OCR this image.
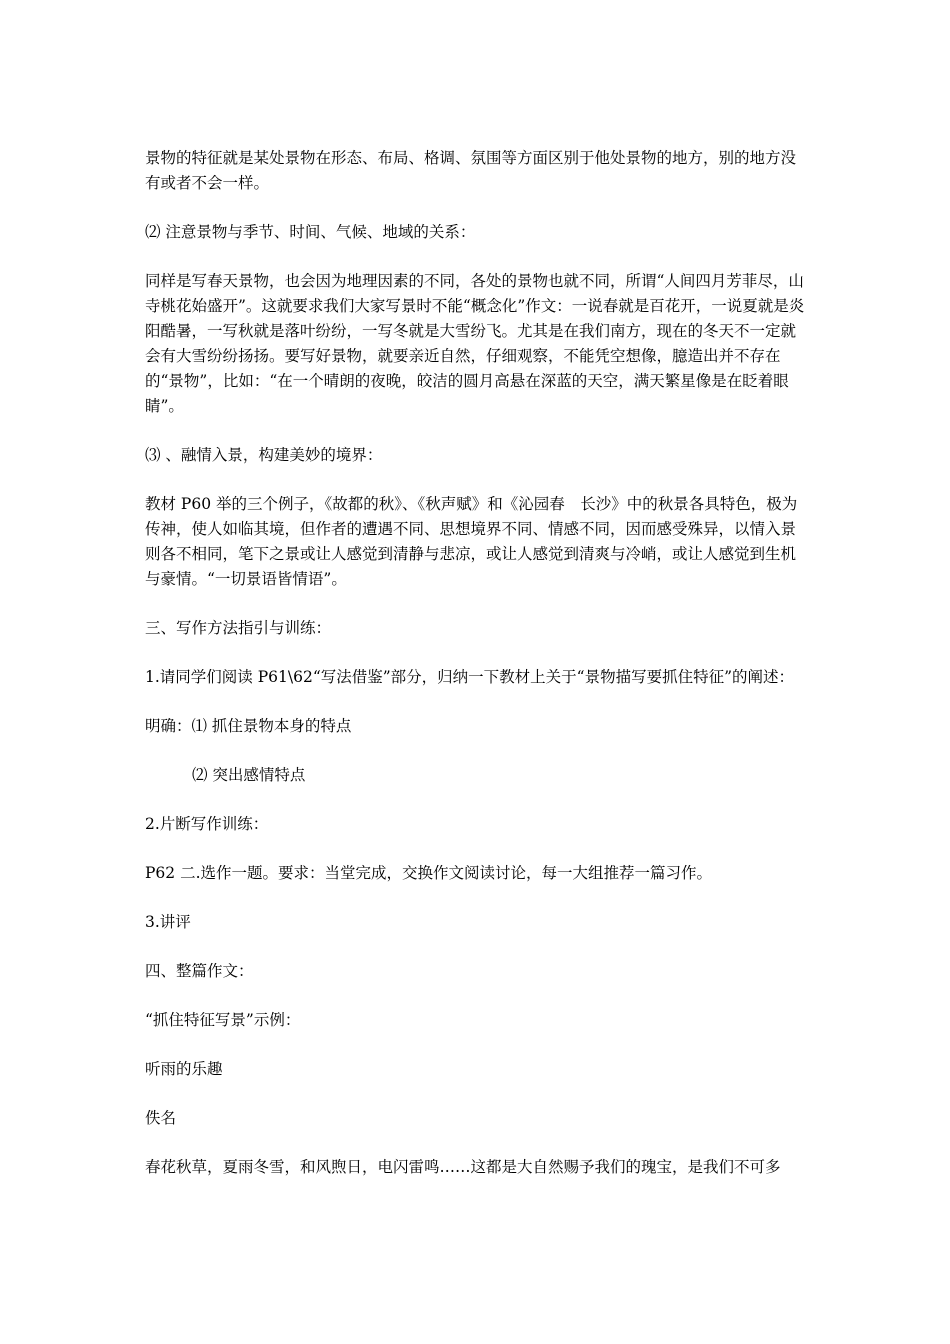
景物的特征就是某处景物在形态、布局、格调、氛围等方面区别于他处景物的地方，别的地方没有或者不会一样。

⑵ 注意景物与季节、时间、气候、地域的关系：

同样是写春天景物，也会因为地理因素的不同，各处的景物也就不同，所谓“人间四月芳菲尽，山寺桃花始盛开”。这就要求我们大家写景时不能“概念化”作文：一说春就是百花开，一说夏就是炎阳酷暑，一写秋就是落叶纷纷，一写冬就是大雪纷飞。尤其是在我们南方，现在的冬天不一定就会有大雪纷纷扬扬。要写好景物，就要亲近自然，仔细观察，不能凭空想像，臆造出并不存在的“景物”，比如：“在一个晴朗的夜晚，皎洁的圆月高悬在深蓝的天空，满天繁星像是在眨着眼睛”。

⑶ 、融情入景，构建美妙的境界：

教材 P60 举的三个例子，《故都的秋》、《秋声赋》和《沁园春　长沙》中的秋景各具特色，极为传神，使人如临其境，但作者的遭遇不同、思想境界不同、情感不同，因而感受殊异，以情入景则各不相同，笔下之景或让人感觉到清静与悲凉，或让人感觉到清爽与冷峭，或让人感觉到生机与豪情。“一切景语皆情语”。

三、写作方法指引与训练：

1.请同学们阅读 P61\62“写法借鉴”部分，归纳一下教材上关于“景物描写要抓住特征”的阐述：

明确：⑴ 抓住景物本身的特点

⑵ 突出感情特点

2.片断写作训练：

P62 二.选作一题。要求：当堂完成，交换作文阅读讨论，每一大组推荐一篇习作。

3.讲评

四、整篇作文：

“抓住特征写景”示例：

听雨的乐趣

佚名

春花秋草，夏雨冬雪，和风煦日，电闪雷鸣……这都是大自然赐予我们的瑰宝，是我们不可多
